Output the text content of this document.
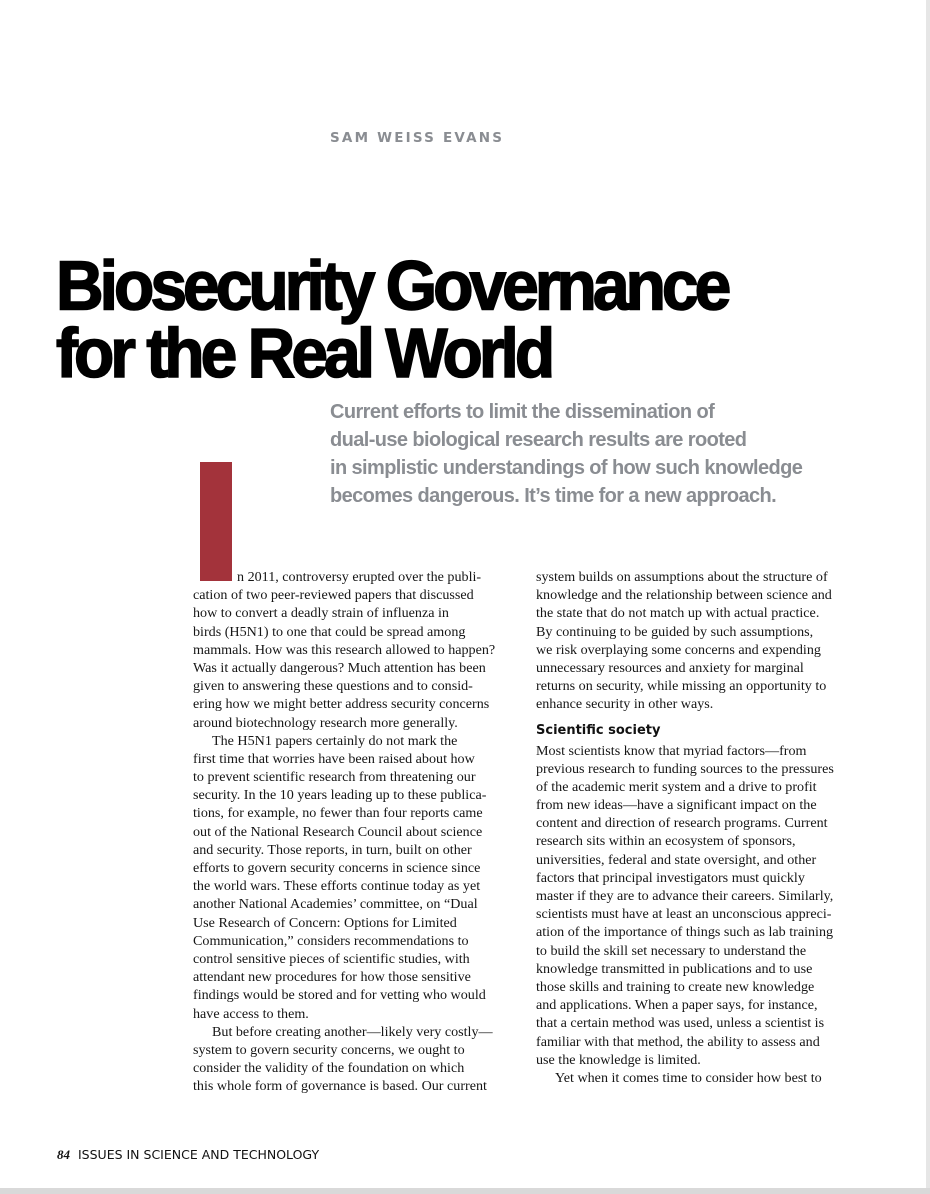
SAM WEISS EVANS
Biosecurity Governance
for the Real World
Current efforts to limit the dissemination of
dual-use biological research results are rooted
in simplistic understandings of how such knowledge
becomes dangerous. It’s time for a new approach.
n 2011, controversy erupted over the publi-
cation of two peer-reviewed papers that discussed
how to convert a deadly strain of influenza in
birds (H5N1) to one that could be spread among
mammals. How was this research allowed to happen?
Was it actually dangerous? Much attention has been
given to answering these questions and to consid-
ering how we might better address security concerns
around biotechnology research more generally.
The H5N1 papers certainly do not mark the
first time that worries have been raised about how
to prevent scientific research from threatening our
security. In the 10 years leading up to these publica-
tions, for example, no fewer than four reports came
out of the National Research Council about science
and security. Those reports, in turn, built on other
efforts to govern security concerns in science since
the world wars. These efforts continue today as yet
another National Academies’ committee, on “Dual
Use Research of Concern: Options for Limited
Communication,” considers recommendations to
control sensitive pieces of scientific studies, with
attendant new procedures for how those sensitive
findings would be stored and for vetting who would
have access to them.
But before creating another—likely very costly—
system to govern security concerns, we ought to
consider the validity of the foundation on which
this whole form of governance is based. Our current
system builds on assumptions about the structure of
knowledge and the relationship between science and
the state that do not match up with actual practice.
By continuing to be guided by such assumptions,
we risk overplaying some concerns and expending
unnecessary resources and anxiety for marginal
returns on security, while missing an opportunity to
enhance security in other ways.
Scientific society
Most scientists know that myriad factors—from
previous research to funding sources to the pressures
of the academic merit system and a drive to profit
from new ideas—have a significant impact on the
content and direction of research programs. Current
research sits within an ecosystem of sponsors,
universities, federal and state oversight, and other
factors that principal investigators must quickly
master if they are to advance their careers. Similarly,
scientists must have at least an unconscious appreci-
ation of the importance of things such as lab training
to build the skill set necessary to understand the
knowledge transmitted in publications and to use
those skills and training to create new knowledge
and applications. When a paper says, for instance,
that a certain method was used, unless a scientist is
familiar with that method, the ability to assess and
use the knowledge is limited.
Yet when it comes time to consider how best to
84 ISSUES IN SCIENCE AND TECHNOLOGY
